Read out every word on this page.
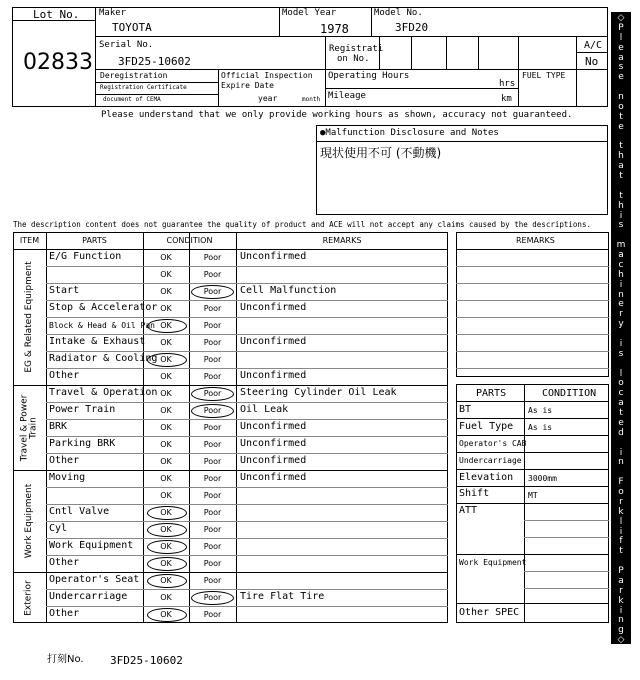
Lot No.
02833
Maker
TOYOTA
Model Year
1978
Model No.
3FD20
Serial No.
3FD25-10602
Registrati
on No.
A/C
No
Deregistration
Registration Certificate
document of CEMA
Official Inspection
Expire Date
year	month
Operating Hours
hrs
Mileage	km
FUEL TYPE
Please understand that we only provide working hours as shown, accuracy not guaranteed.
●Malfunction Disclosure and Notes
現状使用不可 (不動機)
The description content does not guarantee the quality of product and ACE will not accept any claims caused by the descriptions.
ITEM	PARTS	CONDITION	REMARKS
E/G Function	OK	Poor	Unconfirmed
OK	Poor
Start	OK	Poor	Cell Malfunction
Stop & Accelerator OK	Poor	Unconfirmed
Block & Head & Oil Pan OK	Poor
Intake & Exhaust	OK	Poor	Unconfirmed
Radiator & Cooling OK	Poor
Other	OK	Poor	Unconfirmed
Travel & Operation OK	Poor	Steering Cylinder Oil Leak
Power Train	OK	Poor	Oil Leak
BRK	OK	Poor	Unconfirmed
Parking BRK	OK	Poor	Unconfirmed
Other	OK	Poor	Unconfirmed
Moving	OK	Poor	Unconfirmed
OK	Poor
Cntl Valve	OK	Poor
Cyl	OK	Poor
Work Equipment	OK	Poor
Other	OK	Poor
Operator's Seat	OK	Poor
Undercarriage	OK	Poor	Tire Flat Tire
Other	OK	Poor
EG & Related Equipment
Travel & Power Train
Work Equipment
Exterior
REMARKS
PARTS	CONDITION
BT	As is
Fuel Type As is
Operator's CAB
Undercarriage
Elevation 3000mm
Shift	MT
ATT
Work Equipment
Other SPEC
打刻No. 3FD25-10602
◇
P
l
e
a
s
e

n
o
t
e

t
h
a
t

t
h
i
s

m
a
c
h
i
n
e
r
y

i
s

l
o
c
a
t
e
d

i
n

F
o
r
k
l
i
f
t

P
a
r
k
i
n
g
◇
